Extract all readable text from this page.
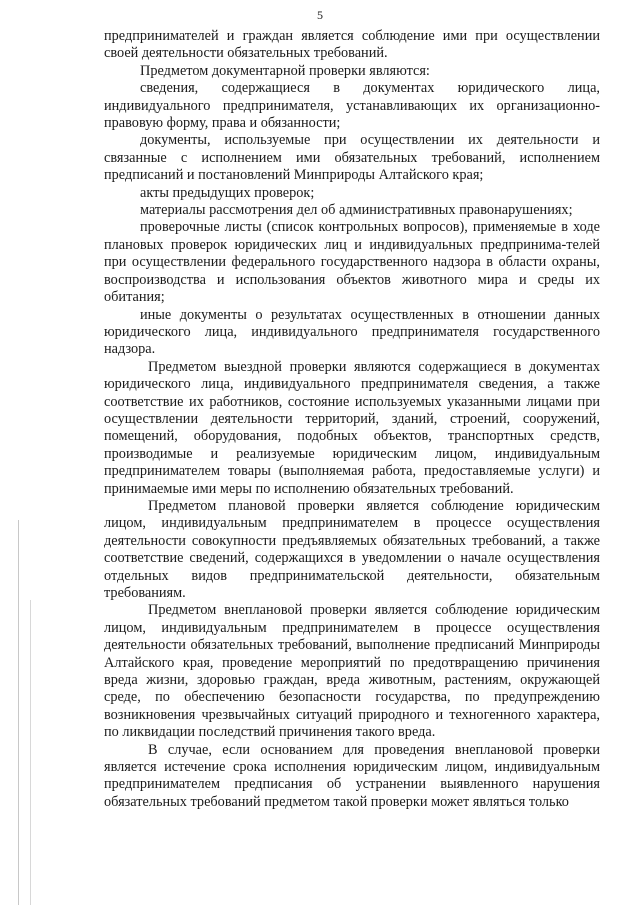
5

предпринимателей и граждан является соблюдение ими при осуществлении своей деятельности обязательных требований.

Предметом документарной проверки являются:

сведения, содержащиеся в документах юридического лица, индивидуального предпринимателя, устанавливающих их организационно-правовую форму, права и обязанности;

документы, используемые при осуществлении их деятельности и связанные с исполнением ими обязательных требований, исполнением предписаний и постановлений Минприроды Алтайского края;

акты предыдущих проверок;

материалы рассмотрения дел об административных правонарушениях;

проверочные листы (список контрольных вопросов), применяемые в ходе плановых проверок юридических лиц и индивидуальных предпринима-телей при осуществлении федерального государственного надзора в области охраны, воспроизводства и использования объектов животного мира и среды их обитания;

иные документы о результатах осуществленных в отношении данных юридического лица, индивидуального предпринимателя государственного надзора.

Предметом выездной проверки являются содержащиеся в документах юридического лица, индивидуального предпринимателя сведения, а также соответствие их работников, состояние используемых указанными лицами при осуществлении деятельности территорий, зданий, строений, сооружений, помещений, оборудования, подобных объектов, транспортных средств, производимые и реализуемые юридическим лицом, индивидуальным предпринимателем товары (выполняемая работа, предоставляемые услуги) и принимаемые ими меры по исполнению обязательных требований.

Предметом плановой проверки является соблюдение юридическим лицом, индивидуальным предпринимателем в процессе осуществления деятельности совокупности предъявляемых обязательных требований, а также соответствие сведений, содержащихся в уведомлении о начале осуществления отдельных видов предпринимательской деятельности, обязательным требованиям.

Предметом внеплановой проверки является соблюдение юридическим лицом, индивидуальным предпринимателем в процессе осуществления деятельности обязательных требований, выполнение предписаний Минприроды Алтайского края, проведение мероприятий по предотвращению причинения вреда жизни, здоровью граждан, вреда животным, растениям, окружающей среде, по обеспечению безопасности государства, по предупреждению возникновения чрезвычайных ситуаций природного и техногенного характера, по ликвидации последствий причинения такого вреда.

В случае, если основанием для проведения внеплановой проверки является истечение срока исполнения юридическим лицом, индивидуальным предпринимателем предписания об устранении выявленного нарушения обязательных требований предметом такой проверки может являться только
